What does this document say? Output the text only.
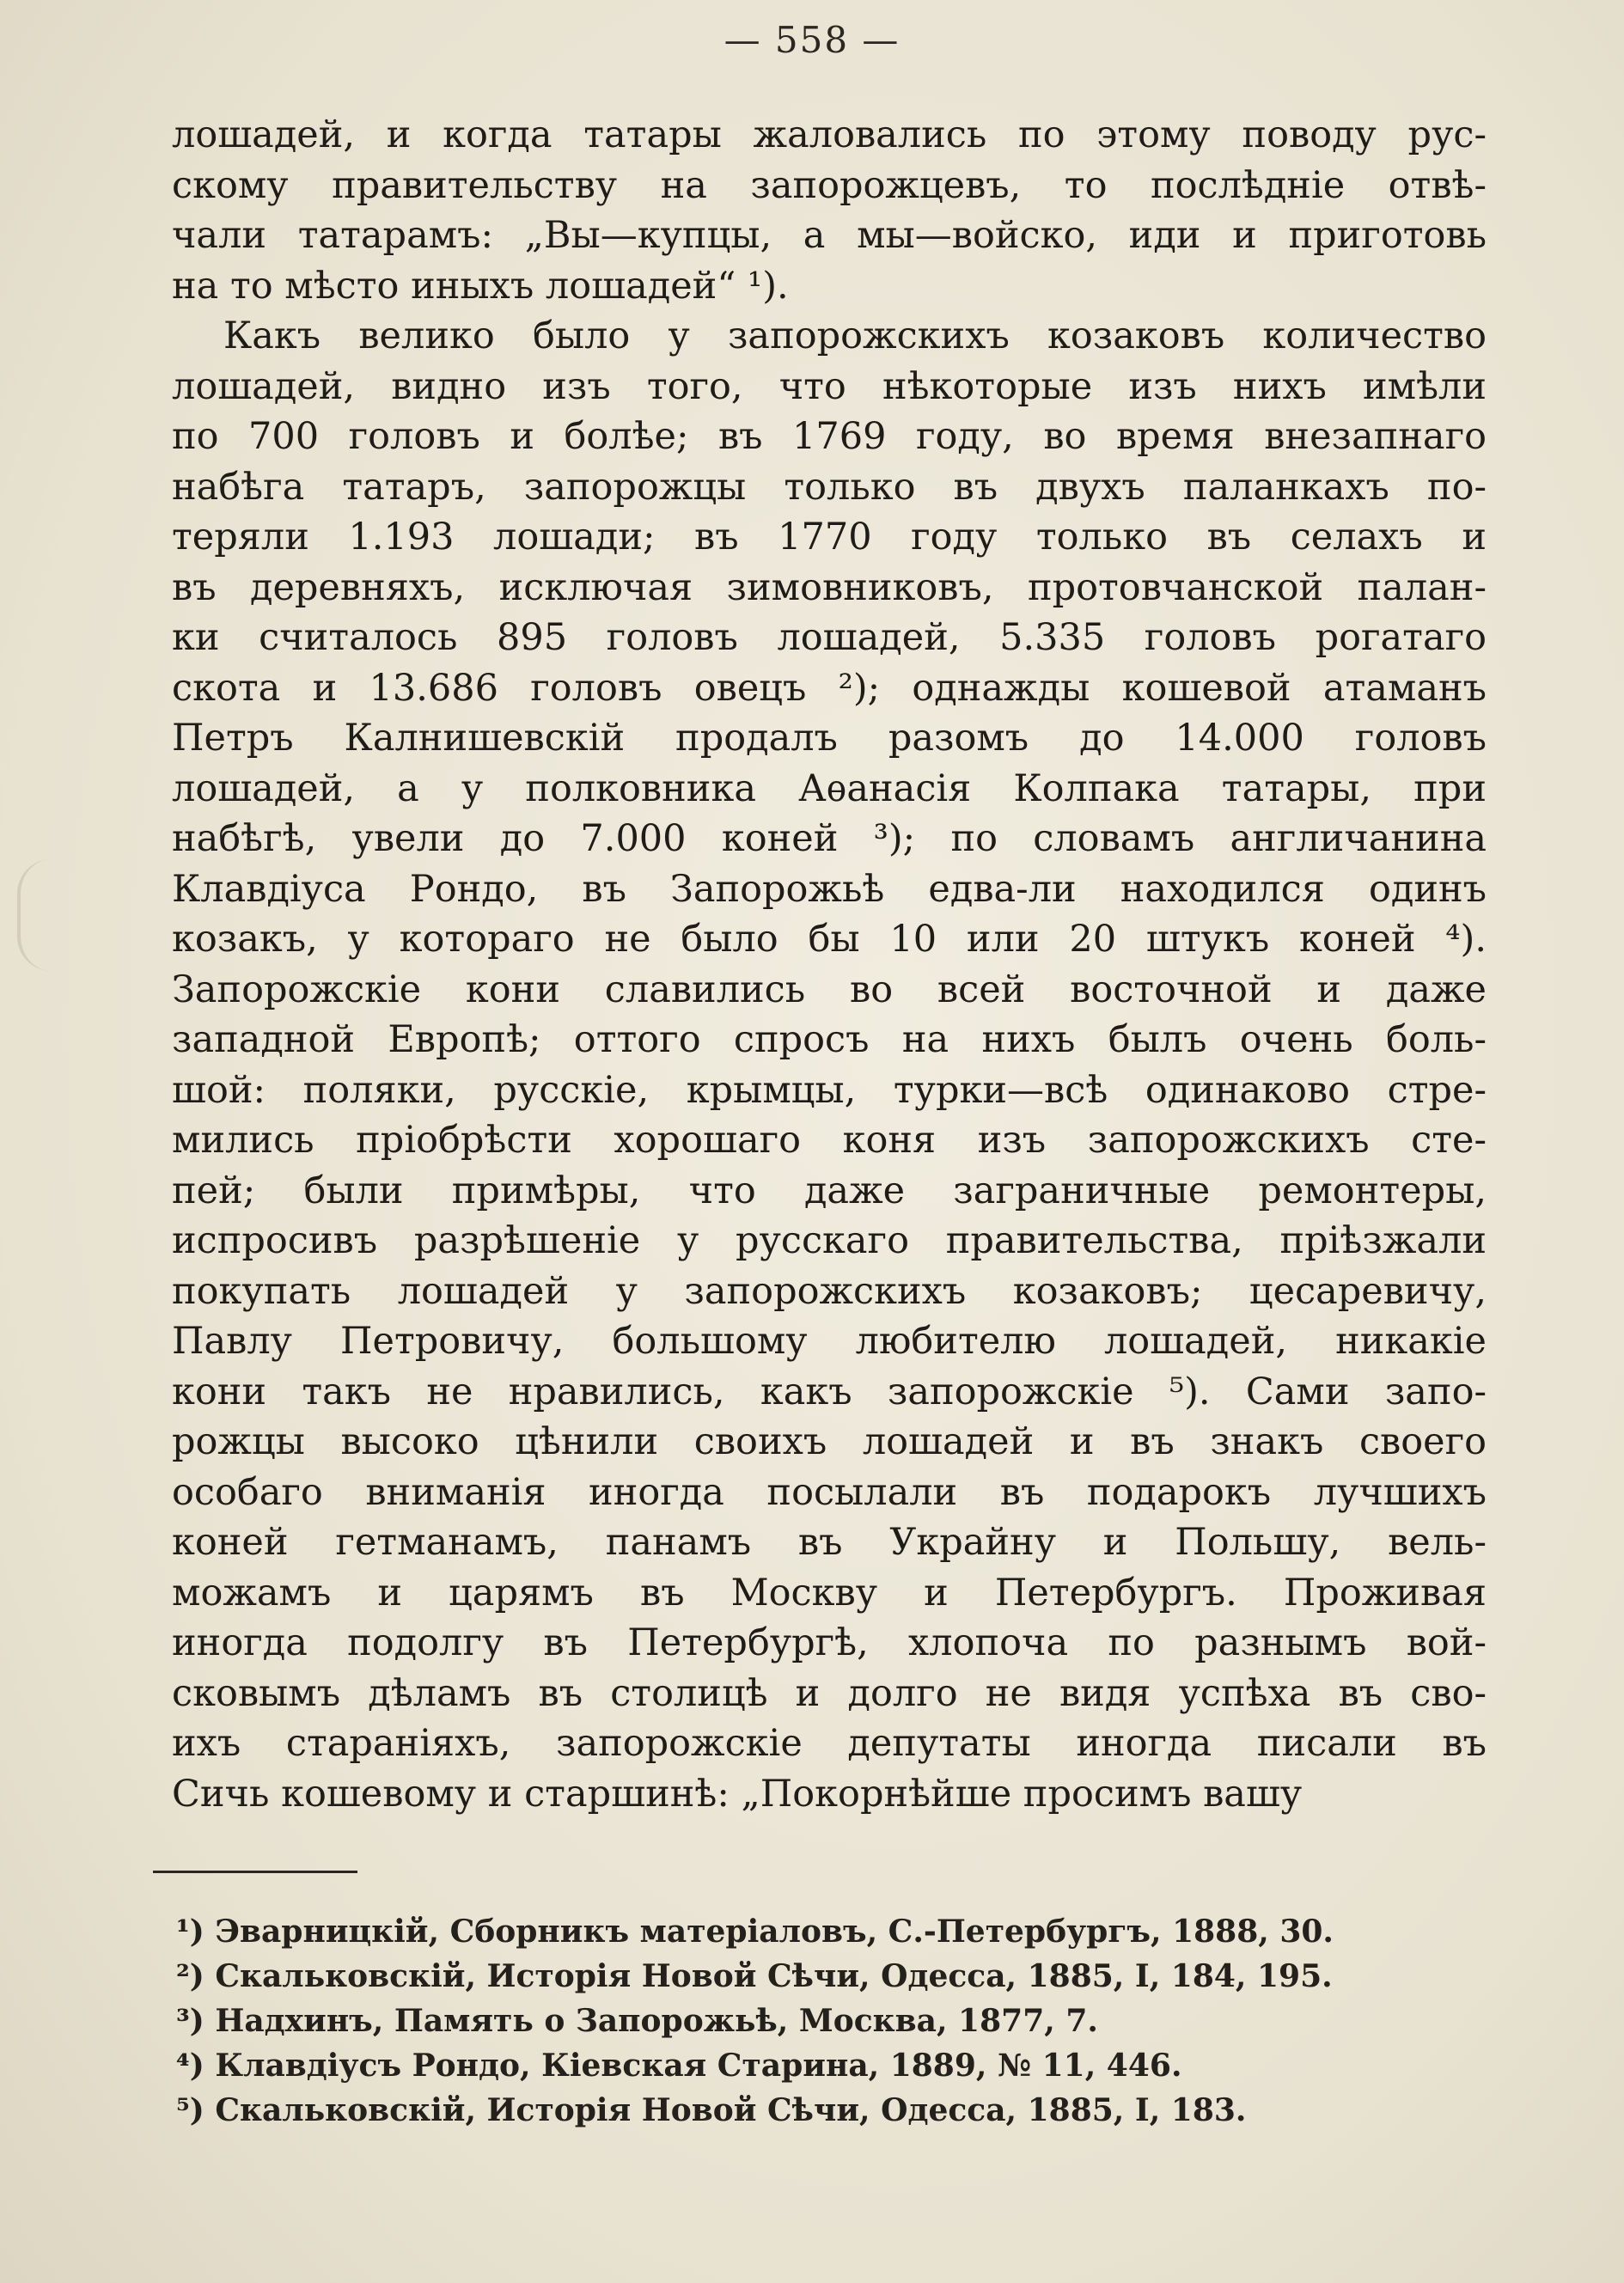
— 558 —
лошадей, и когда татары жаловались по этому поводу рус-
скому правительству на запорожцевъ, то послѣдніе отвѣ-
чали татарамъ: „Вы—купцы, а мы—войско, иди и приготовь
на то мѣсто иныхъ лошадей“ ¹).
Какъ велико было у запорожскихъ козаковъ количество
лошадей, видно изъ того, что нѣкоторые изъ нихъ имѣли
по 700 головъ и болѣе; въ 1769 году, во время внезапнаго
набѣга татаръ, запорожцы только въ двухъ паланкахъ по-
теряли 1.193 лошади; въ 1770 году только въ селахъ и
въ деревняхъ, исключая зимовниковъ, протовчанской палан-
ки считалось 895 головъ лошадей, 5.335 головъ рогатаго
скота и 13.686 головъ овецъ ²); однажды кошевой атаманъ
Петръ Калнишевскій продалъ разомъ до 14.000 головъ
лошадей, а у полковника Аѳанасія Колпака татары, при
набѣгѣ, увели до 7.000 коней ³); по словамъ англичанина
Клавдіуса Рондо, въ Запорожьѣ едва-ли находился одинъ
козакъ, у котораго не было бы 10 или 20 штукъ коней ⁴).
Запорожскіе кони славились во всей восточной и даже
западной Европѣ; оттого спросъ на нихъ былъ очень боль-
шой: поляки, русскіе, крымцы, турки—всѣ одинаково стре-
мились пріобрѣсти хорошаго коня изъ запорожскихъ сте-
пей; были примѣры, что даже заграничные ремонтеры,
испросивъ разрѣшеніе у русскаго правительства, пріѣзжали
покупать лошадей у запорожскихъ козаковъ; цесаревичу,
Павлу Петровичу, большому любителю лошадей, никакіе
кони такъ не нравились, какъ запорожскіе ⁵). Сами запо-
рожцы высоко цѣнили своихъ лошадей и въ знакъ своего
особаго вниманія иногда посылали въ подарокъ лучшихъ
коней гетманамъ, панамъ въ Украйну и Польшу, вель-
можамъ и царямъ въ Москву и Петербургъ. Проживая
иногда подолгу въ Петербургѣ, хлопоча по разнымъ вой-
сковымъ дѣламъ въ столицѣ и долго не видя успѣха въ сво-
ихъ стараніяхъ, запорожскіе депутаты иногда писали въ
Сичь кошевому и старшинѣ: „Покорнѣйше просимъ вашу
¹) Эварницкій, Сборникъ матеріаловъ, С.-Петербургъ, 1888, 30.
²) Скальковскій, Исторія Новой Сѣчи, Одесса, 1885, I, 184, 195.
³) Надхинъ, Память о Запорожьѣ, Москва, 1877, 7.
⁴) Клавдіусъ Рондо, Кіевская Старина, 1889, № 11, 446.
⁵) Скальковскій, Исторія Новой Сѣчи, Одесса, 1885, I, 183.
